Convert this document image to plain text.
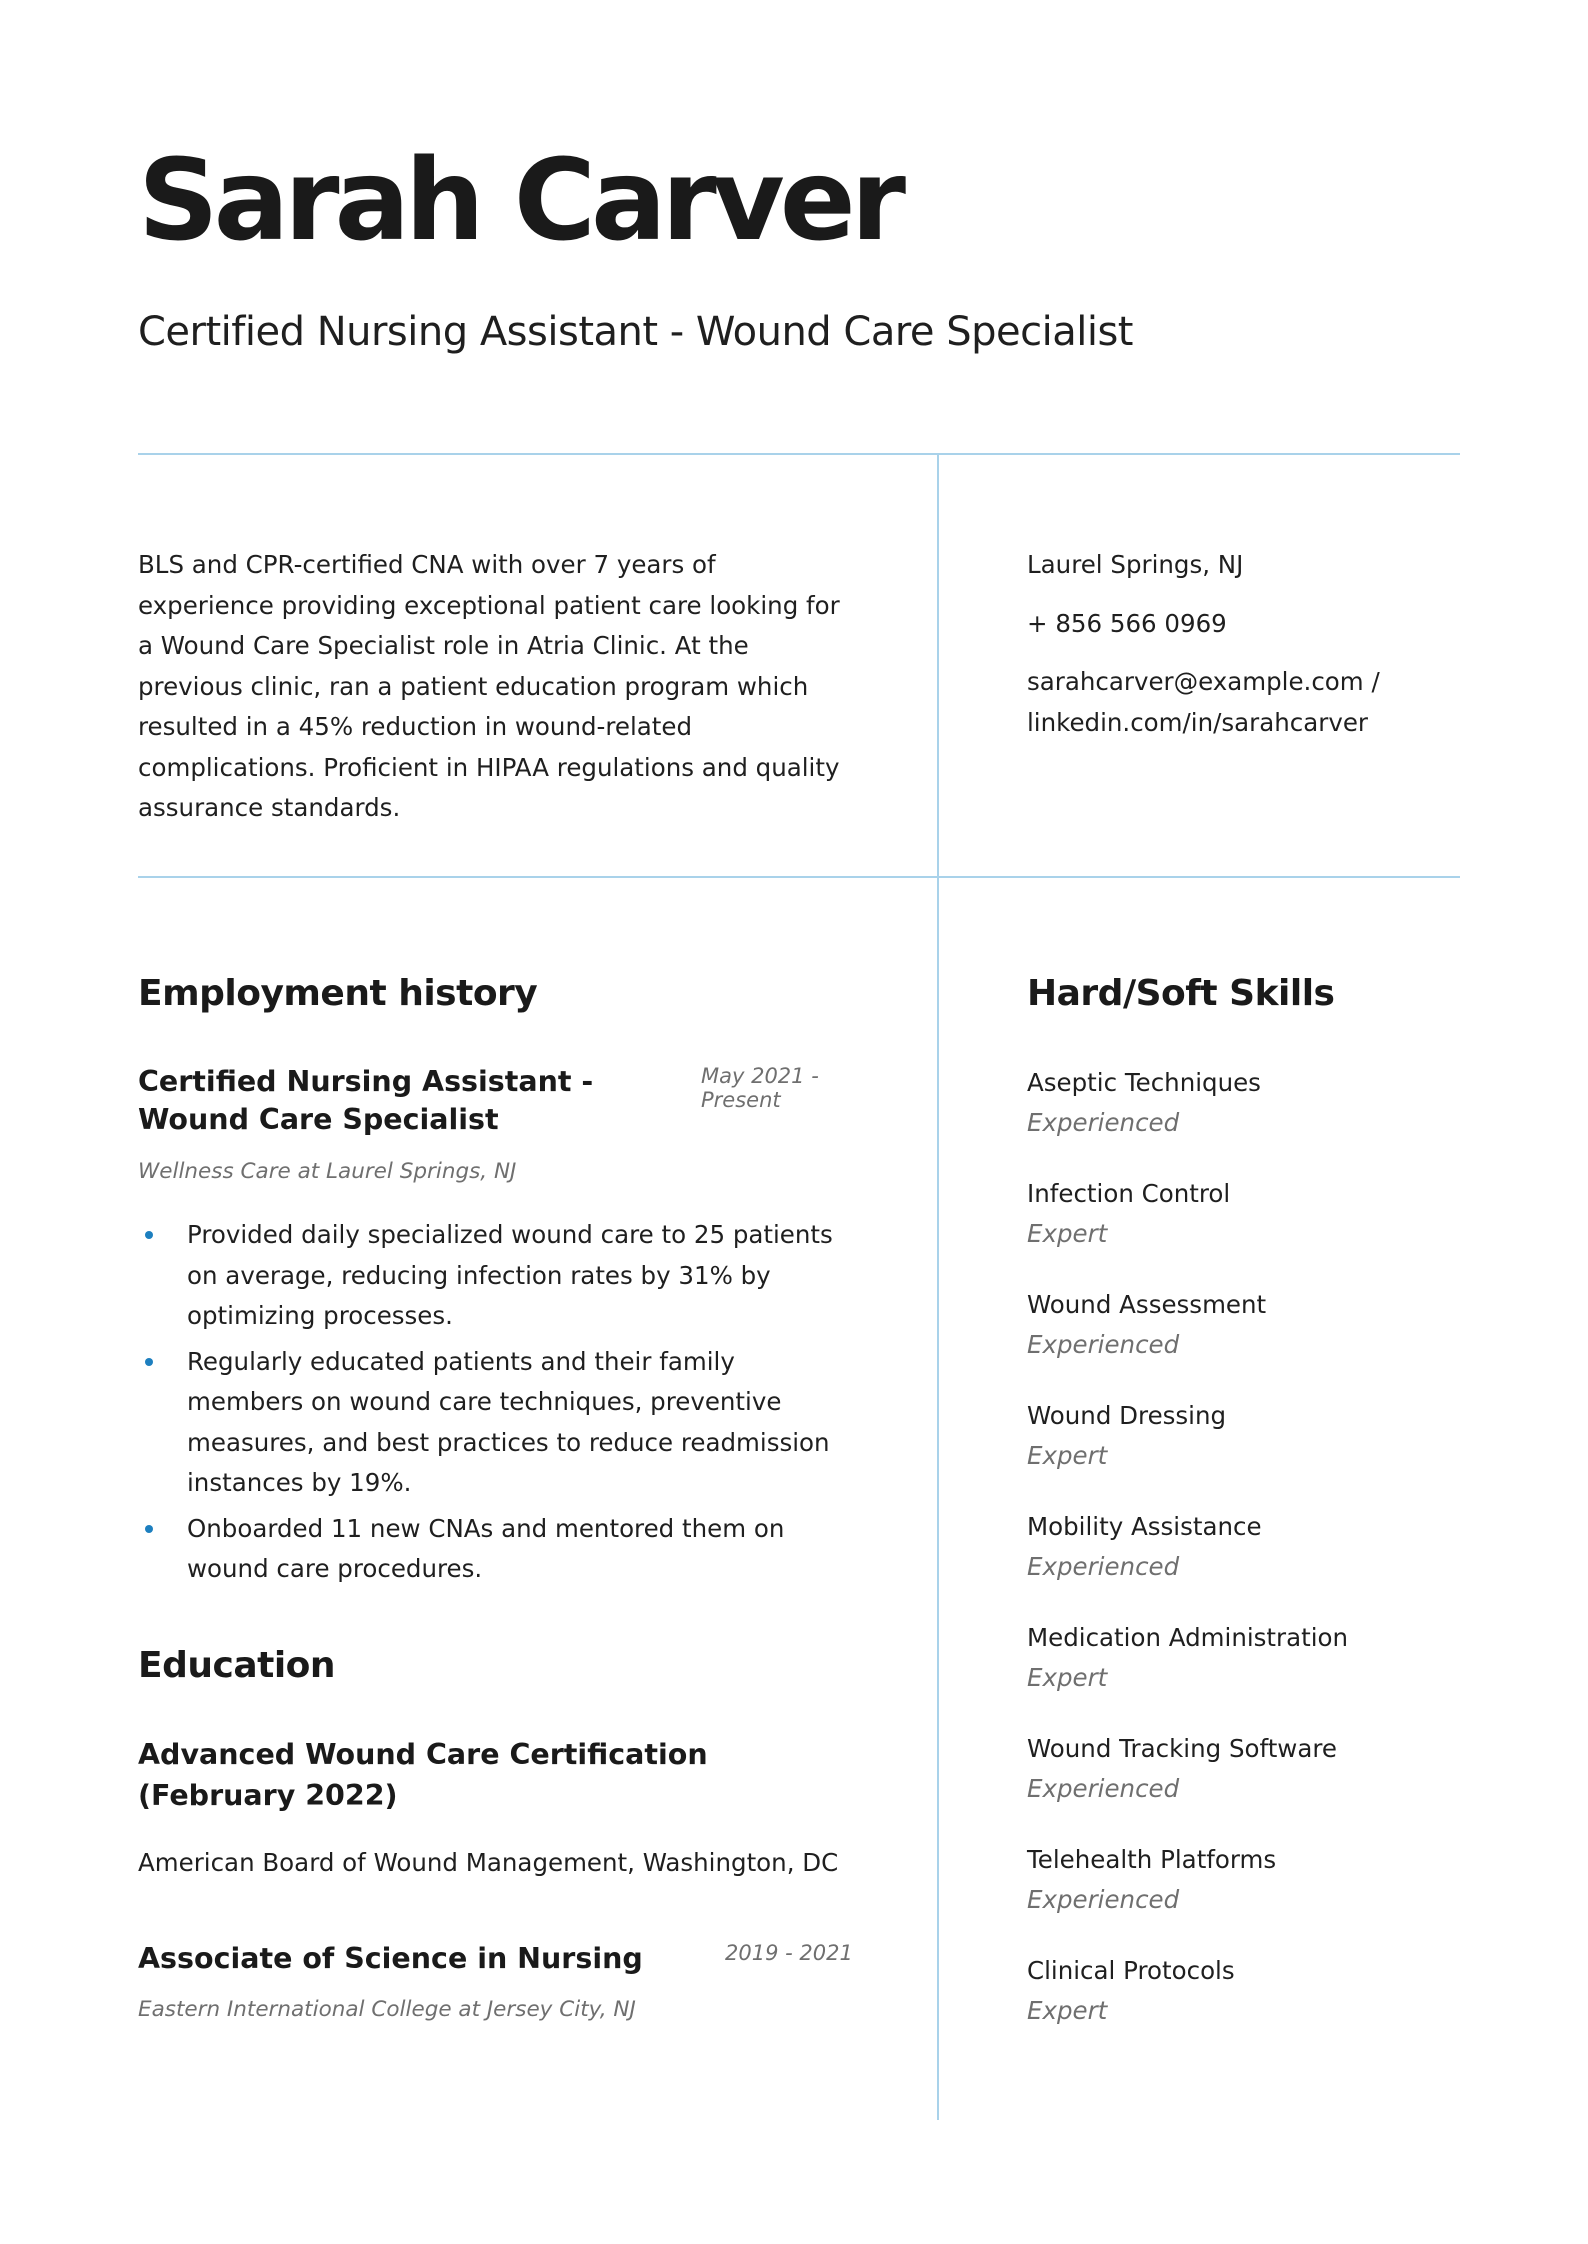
Sarah Carver
Certified Nursing Assistant - Wound Care Specialist

BLS and CPR-certified CNA with over 7 years of experience providing exceptional patient care looking for a Wound Care Specialist role in Atria Clinic. At the previous clinic, ran a patient education program which resulted in a 45% reduction in wound-related complications. Proficient in HIPAA regulations and quality assurance standards.

Laurel Springs, NJ
+ 856 566 0969
sarahcarver@example.com /
linkedin.com/in/sarahcarver
Employment history
Certified Nursing Assistant - Wound Care Specialist
May 2021 - Present
Wellness Care at Laurel Springs, NJ
Provided daily specialized wound care to 25 patients on average, reducing infection rates by 31% by optimizing processes.
Regularly educated patients and their family members on wound care techniques, preventive measures, and best practices to reduce readmission instances by 19%.
Onboarded 11 new CNAs and mentored them on wound care procedures.
Education
Advanced Wound Care Certification (February 2022)
American Board of Wound Management, Washington, DC
Associate of Science in Nursing	2019 - 2021
Eastern International College at Jersey City, NJ
Hard/Soft Skills
Aseptic Techniques
Experienced
Infection Control
Expert
Wound Assessment
Experienced
Wound Dressing
Expert
Mobility Assistance
Experienced
Medication Administration
Expert
Wound Tracking Software
Experienced
Telehealth Platforms
Experienced
Clinical Protocols
Expert
